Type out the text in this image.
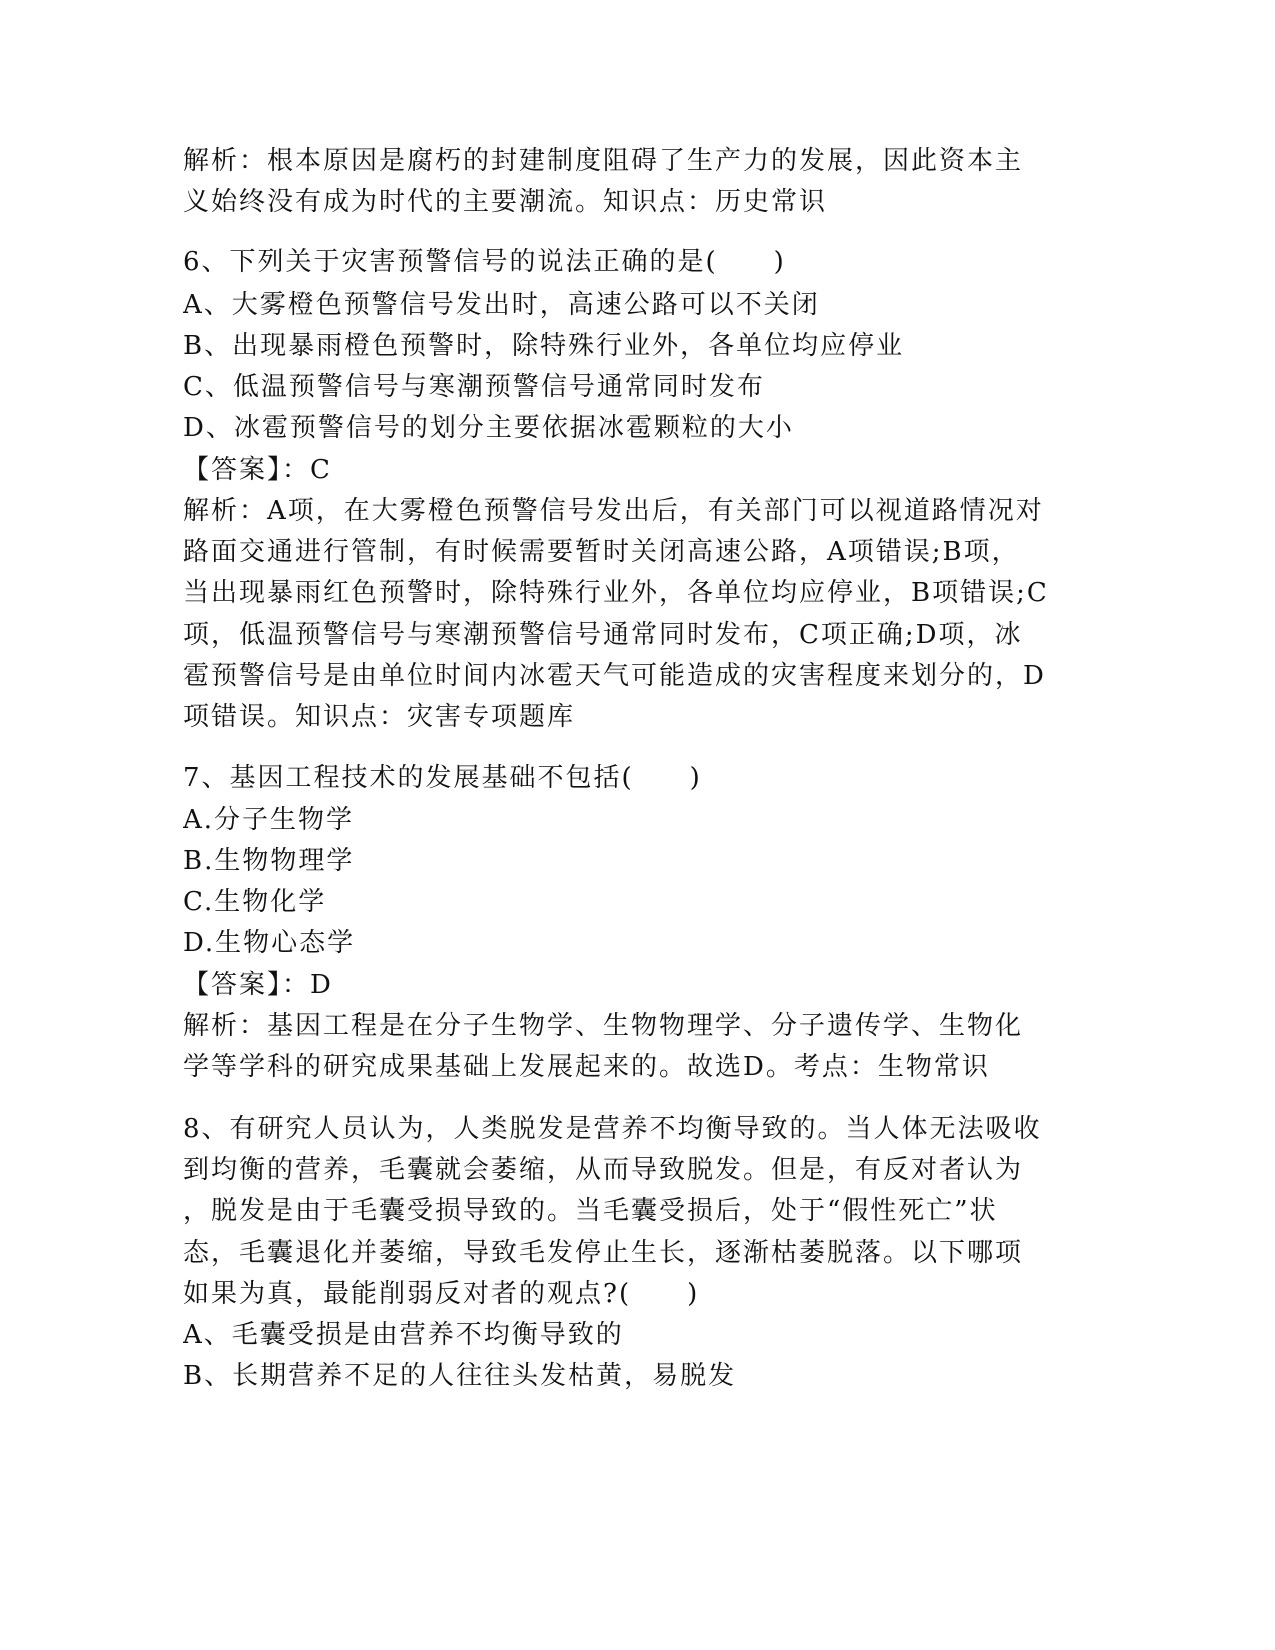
解析：根本原因是腐朽的封建制度阻碍了生产力的发展，因此资本主
义始终没有成为时代的主要潮流。知识点：历史常识
6、下列关于灾害预警信号的说法正确的是(　　)
A、大雾橙色预警信号发出时，高速公路可以不关闭
B、出现暴雨橙色预警时，除特殊行业外，各单位均应停业
C、低温预警信号与寒潮预警信号通常同时发布
D、冰雹预警信号的划分主要依据冰雹颗粒的大小
【答案】：C
解析：A项，在大雾橙色预警信号发出后，有关部门可以视道路情况对
路面交通进行管制，有时候需要暂时关闭高速公路，A项错误;B项，
当出现暴雨红色预警时，除特殊行业外，各单位均应停业，B项错误;C
项，低温预警信号与寒潮预警信号通常同时发布，C项正确;D项，冰
雹预警信号是由单位时间内冰雹天气可能造成的灾害程度来划分的，D
项错误。知识点：灾害专项题库
7、基因工程技术的发展基础不包括(　　)
A.分子生物学
B.生物物理学
C.生物化学
D.生物心态学
【答案】：D
解析：基因工程是在分子生物学、生物物理学、分子遗传学、生物化
学等学科的研究成果基础上发展起来的。故选D。考点：生物常识
8、有研究人员认为，人类脱发是营养不均衡导致的。当人体无法吸收
到均衡的营养，毛囊就会萎缩，从而导致脱发。但是，有反对者认为
，脱发是由于毛囊受损导致的。当毛囊受损后，处于“假性死亡”状
态，毛囊退化并萎缩，导致毛发停止生长，逐渐枯萎脱落。以下哪项
如果为真，最能削弱反对者的观点?(　　)
A、毛囊受损是由营养不均衡导致的
B、长期营养不足的人往往头发枯黄，易脱发
